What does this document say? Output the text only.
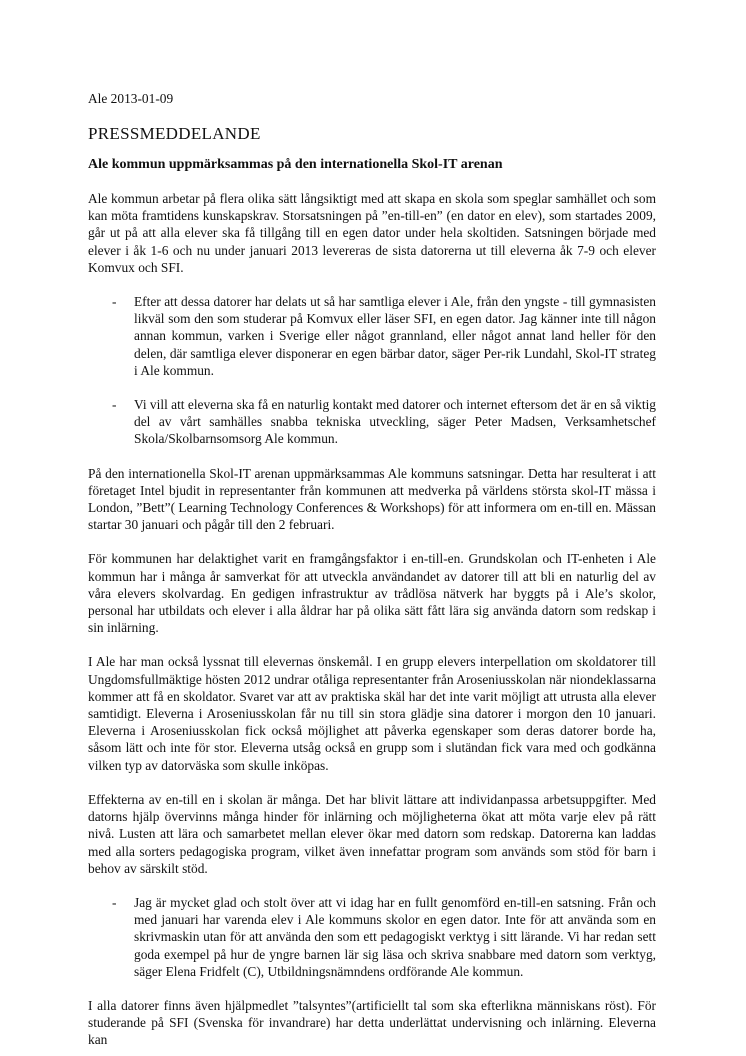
Ale 2013-01-09

PRESSMEDDELANDE
Ale kommun uppmärksammas på den internationella Skol-IT arenan

Ale kommun arbetar på flera olika sätt långsiktigt med att skapa en skola som speglar samhället och som kan möta framtidens kunskapskrav. Storsatsningen på ”en-till-en” (en dator en elev), som startades 2009, går ut på att alla elever ska få tillgång till en egen dator under hela skoltiden. Satsningen började med elever i åk 1-6 och nu under januari 2013 levereras de sista datorerna ut till eleverna åk 7-9 och elever Komvux och SFI.

- Efter att dessa datorer har delats ut så har samtliga elever i Ale, från den yngste - till gymnasisten likväl som den som studerar på Komvux eller läser SFI, en egen dator. Jag känner inte till någon annan kommun, varken i Sverige eller något grannland, eller något annat land heller för den delen, där samtliga elever disponerar en egen bärbar dator, säger Per-rik Lundahl, Skol-IT strateg i Ale kommun.

- Vi vill att eleverna ska få en naturlig kontakt med datorer och internet eftersom det är en så viktig del av vårt samhälles snabba tekniska utveckling, säger Peter Madsen, Verksamhetschef Skola/Skolbarnsomsorg Ale kommun.

På den internationella Skol-IT arenan uppmärksammas Ale kommuns satsningar. Detta har resulterat i att företaget Intel bjudit in representanter från kommunen att medverka på världens största skol-IT mässa i London, ”Bett”( Learning Technology Conferences & Workshops) för att informera om en-till en. Mässan startar 30 januari och pågår till den 2 februari.

För kommunen har delaktighet varit en framgångsfaktor i en-till-en. Grundskolan och IT-enheten i Ale kommun har i många år samverkat för att utveckla användandet av datorer till att bli en naturlig del av våra elevers skolvardag. En gedigen infrastruktur av trådlösa nätverk har byggts på i Ale’s skolor, personal har utbildats och elever i alla åldrar har på olika sätt fått lära sig använda datorn som redskap i sin inlärning.

I Ale har man också lyssnat till elevernas önskemål. I en grupp elevers interpellation om skoldatorer till Ungdomsfullmäktige hösten 2012 undrar otåliga representanter från Aroseniusskolan när niondeklassarna kommer att få en skoldator. Svaret var att av praktiska skäl har det inte varit möjligt att utrusta alla elever samtidigt. Eleverna i Aroseniusskolan får nu till sin stora glädje sina datorer i morgon den 10 januari. Eleverna i Aroseniusskolan fick också möjlighet att påverka egenskaper som deras datorer borde ha, såsom lätt och inte för stor. Eleverna utsåg också en grupp som i slutändan fick vara med och godkänna vilken typ av datorväska som skulle inköpas.

Effekterna av en-till en i skolan är många. Det har blivit lättare att individanpassa arbetsuppgifter. Med datorns hjälp övervinns många hinder för inlärning och möjligheterna ökat att möta varje elev på rätt nivå. Lusten att lära och samarbetet mellan elever ökar med datorn som redskap. Datorerna kan laddas med alla sorters pedagogiska program, vilket även innefattar program som används som stöd för barn i behov av särskilt stöd.

- Jag är mycket glad och stolt över att vi idag har en fullt genomförd en-till-en satsning. Från och med januari har varenda elev i Ale kommuns skolor en egen dator. Inte för att använda som en skrivmaskin utan för att använda den som ett pedagogiskt verktyg i sitt lärande. Vi har redan sett goda exempel på hur de yngre barnen lär sig läsa och skriva snabbare med datorn som verktyg, säger Elena Fridfelt (C), Utbildningsnämndens ordförande Ale kommun.

I alla datorer finns även hjälpmedlet ”talsyntes”(artificiellt tal som ska efterlikna människans röst). För studerande på SFI (Svenska för invandrare) har detta underlättat undervisning och inlärning. Eleverna kan
